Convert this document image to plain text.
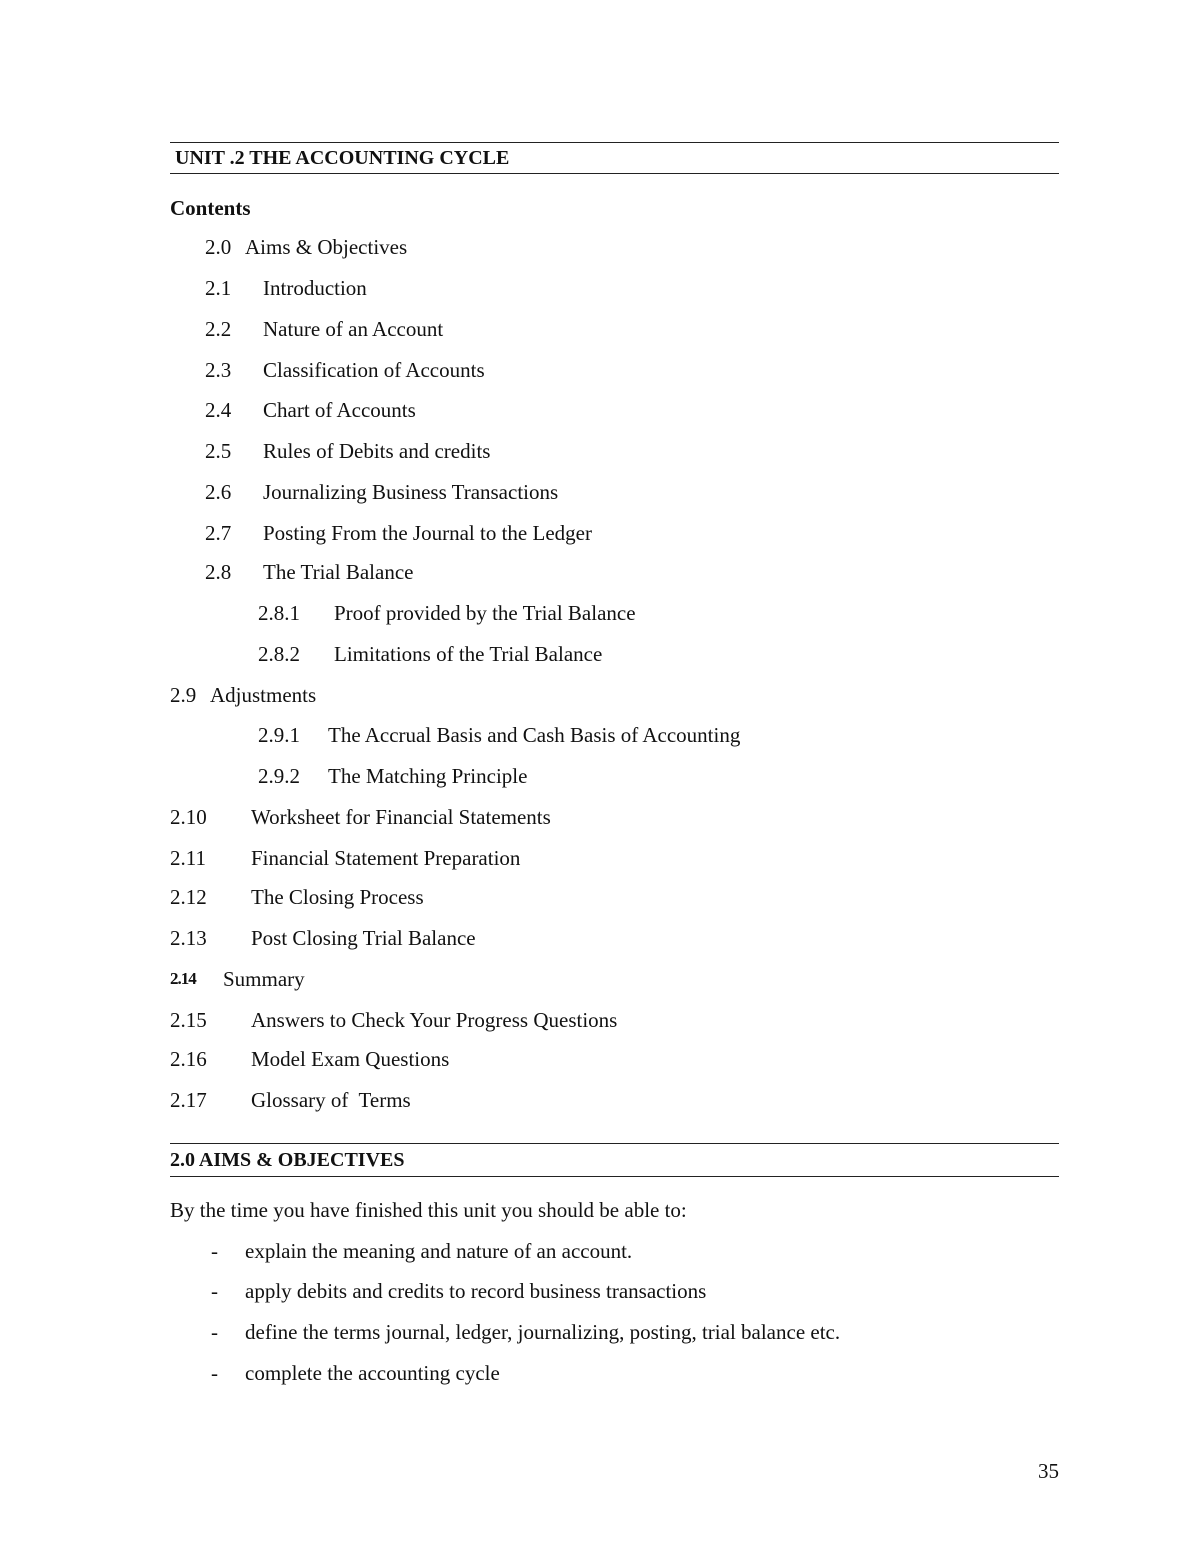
UNIT .2 THE ACCOUNTING CYCLE
Contents
2.0 Aims & Objectives
2.1 Introduction
2.2 Nature of an Account
2.3 Classification of Accounts
2.4 Chart of Accounts
2.5 Rules of Debits and credits
2.6 Journalizing Business Transactions
2.7 Posting From the Journal to the Ledger
2.8 The Trial Balance
2.8.1 Proof provided by the Trial Balance
2.8.2 Limitations of the Trial Balance
2.9 Adjustments
2.9.1 The Accrual Basis and Cash Basis of Accounting
2.9.2 The Matching Principle
2.10 Worksheet for Financial Statements
2.11 Financial Statement Preparation
2.12 The Closing Process
2.13 Post Closing Trial Balance
2.14 Summary
2.15 Answers to Check Your Progress Questions
2.16 Model Exam Questions
2.17 Glossary of  Terms
2.0 AIMS & OBJECTIVES
By the time you have finished this unit you should be able to:
- explain the meaning and nature of an account.
- apply debits and credits to record business transactions
- define the terms journal, ledger, journalizing, posting, trial balance etc.
- complete the accounting cycle
35
